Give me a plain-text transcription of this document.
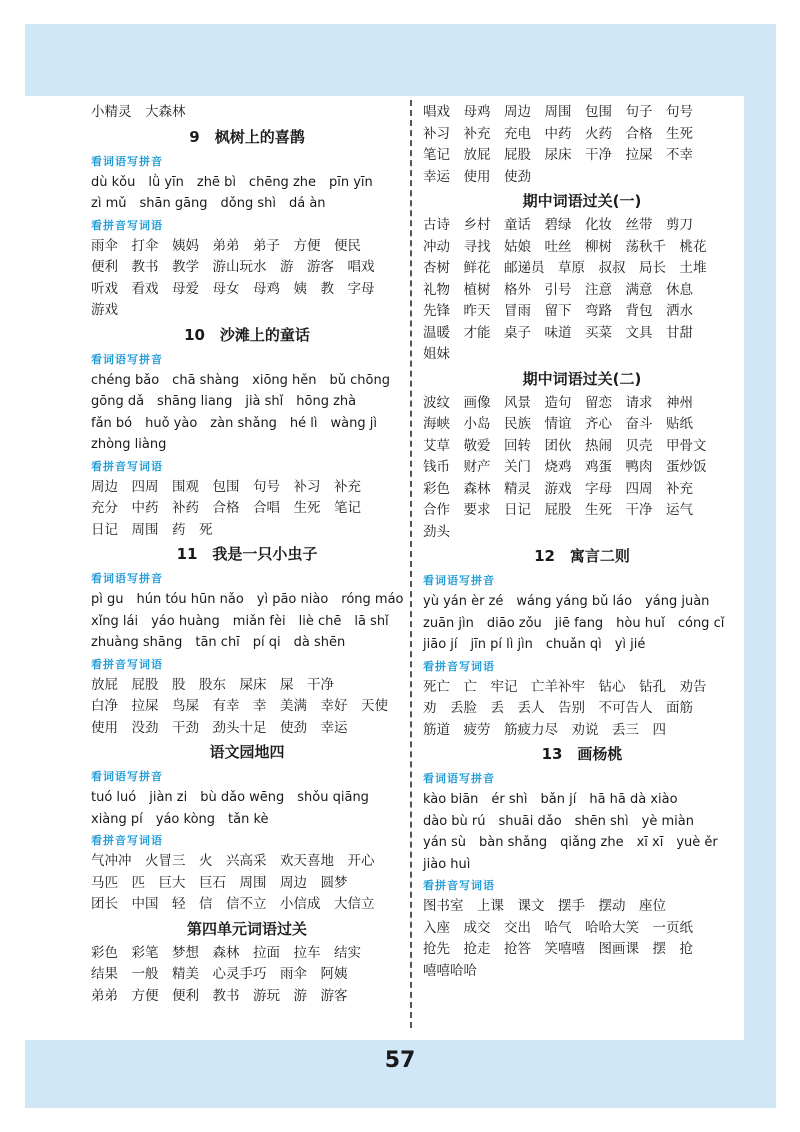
小精灵　大森林
9　枫树上的喜鹊
看词语写拼音
dù kǒu　lǜ yīn　zhē bì　chēng zhe　pīn yīn
zì mǔ　shān gāng　dǒng shì　dá àn
看拼音写词语
雨伞　打伞　姨妈　弟弟　弟子　方便　便民
便利　教书　教学　游山玩水　游　游客　唱戏
听戏　看戏　母爱　母女　母鸡　姨　教　字母
游戏
10　沙滩上的童话
看词语写拼音
chéng bǎo　chā shàng　xiōng hěn　bǔ chōng
gōng dǎ　shāng liang　jià shǐ　hōng zhà
fǎn bó　huǒ yào　zàn shǎng　hé lì　wàng jì
zhòng liàng
看拼音写词语
周边　四周　围观　包围　句号　补习　补充
充分　中药　补药　合格　合唱　生死　笔记
日记　周围　药　死
11　我是一只小虫子
看词语写拼音
pì gu　hún tóu hūn nǎo　yì pāo niào　róng máo
xǐng lái　yáo huàng　miǎn fèi　liè chē　lā shǐ
zhuàng shāng　tān chī　pí qi　dà shēn
看拼音写词语
放屁　屁股　股　股东　屎床　屎　干净
白净　拉屎　鸟屎　有幸　幸　美满　幸好　天使
使用　没劲　干劲　劲头十足　使劲　幸运
语文园地四
看词语写拼音
tuó luó　jiàn zi　bù dǎo wēng　shǒu qiāng
xiàng pí　yáo kòng　tǎn kè
看拼音写词语
气冲冲　火冒三　火　兴高采　欢天喜地　开心
马匹　匹　巨大　巨石　周围　周边　圆梦
团长　中国　轻　信　信不立　小信成　大信立
第四单元词语过关
彩色　彩笔　梦想　森林　拉面　拉车　结实
结果　一般　精美　心灵手巧　雨伞　阿姨
弟弟　方便　便利　教书　游玩　游　游客
唱戏　母鸡　周边　周围　包围　句子　句号
补习　补充　充电　中药　火药　合格　生死
笔记　放屁　屁股　尿床　干净　拉屎　不幸
幸运　使用　使劲
期中词语过关(一)
古诗　乡村　童话　碧绿　化妆　丝带　剪刀
冲动　寻找　姑娘　吐丝　柳树　荡秋千　桃花
杏树　鲜花　邮递员　草原　叔叔　局长　土堆
礼物　植树　格外　引号　注意　满意　休息
先锋　昨天　冒雨　留下　弯路　背包　洒水
温暖　才能　桌子　味道　买菜　文具　甘甜
姐妹
期中词语过关(二)
波纹　画像　风景　造句　留恋　请求　神州
海峡　小岛　民族　情谊　齐心　奋斗　贴纸
艾草　敬爱　回转　团伙　热闹　贝壳　甲骨文
钱币　财产　关门　烧鸡　鸡蛋　鸭肉　蛋炒饭
彩色　森林　精灵　游戏　字母　四周　补充
合作　要求　日记　屁股　生死　干净　运气
劲头
12　寓言二则
看词语写拼音
yù yán èr zé　wáng yáng bǔ láo　yáng juàn
zuān jìn　diāo zǒu　jiē fang　hòu huǐ　cóng cǐ
jiāo jí　jīn pí lì jìn　chuǎn qì　yì jié
看拼音写词语
死亡　亡　牢记　亡羊补牢　钻心　钻孔　劝告
劝　丢脸　丢　丢人　告别　不可告人　面筋
筋道　疲劳　筋疲力尽　劝说　丢三　四
13　画杨桃
看词语写拼音
kào biān　ér shì　bǎn jí　hā hā dà xiào
dào bù rú　shuāi dǎo　shēn shì　yè miàn
yán sù　bàn shǎng　qiǎng zhe　xī xī　yuè ěr
jiào huì
看拼音写词语
图书室　上课　课文　摆手　摆动　座位
入座　成交　交出　哈气　哈哈大笑　一页纸
抢先　抢走　抢答　笑嘻嘻　图画课　摆　抢
嘻嘻哈哈
57
